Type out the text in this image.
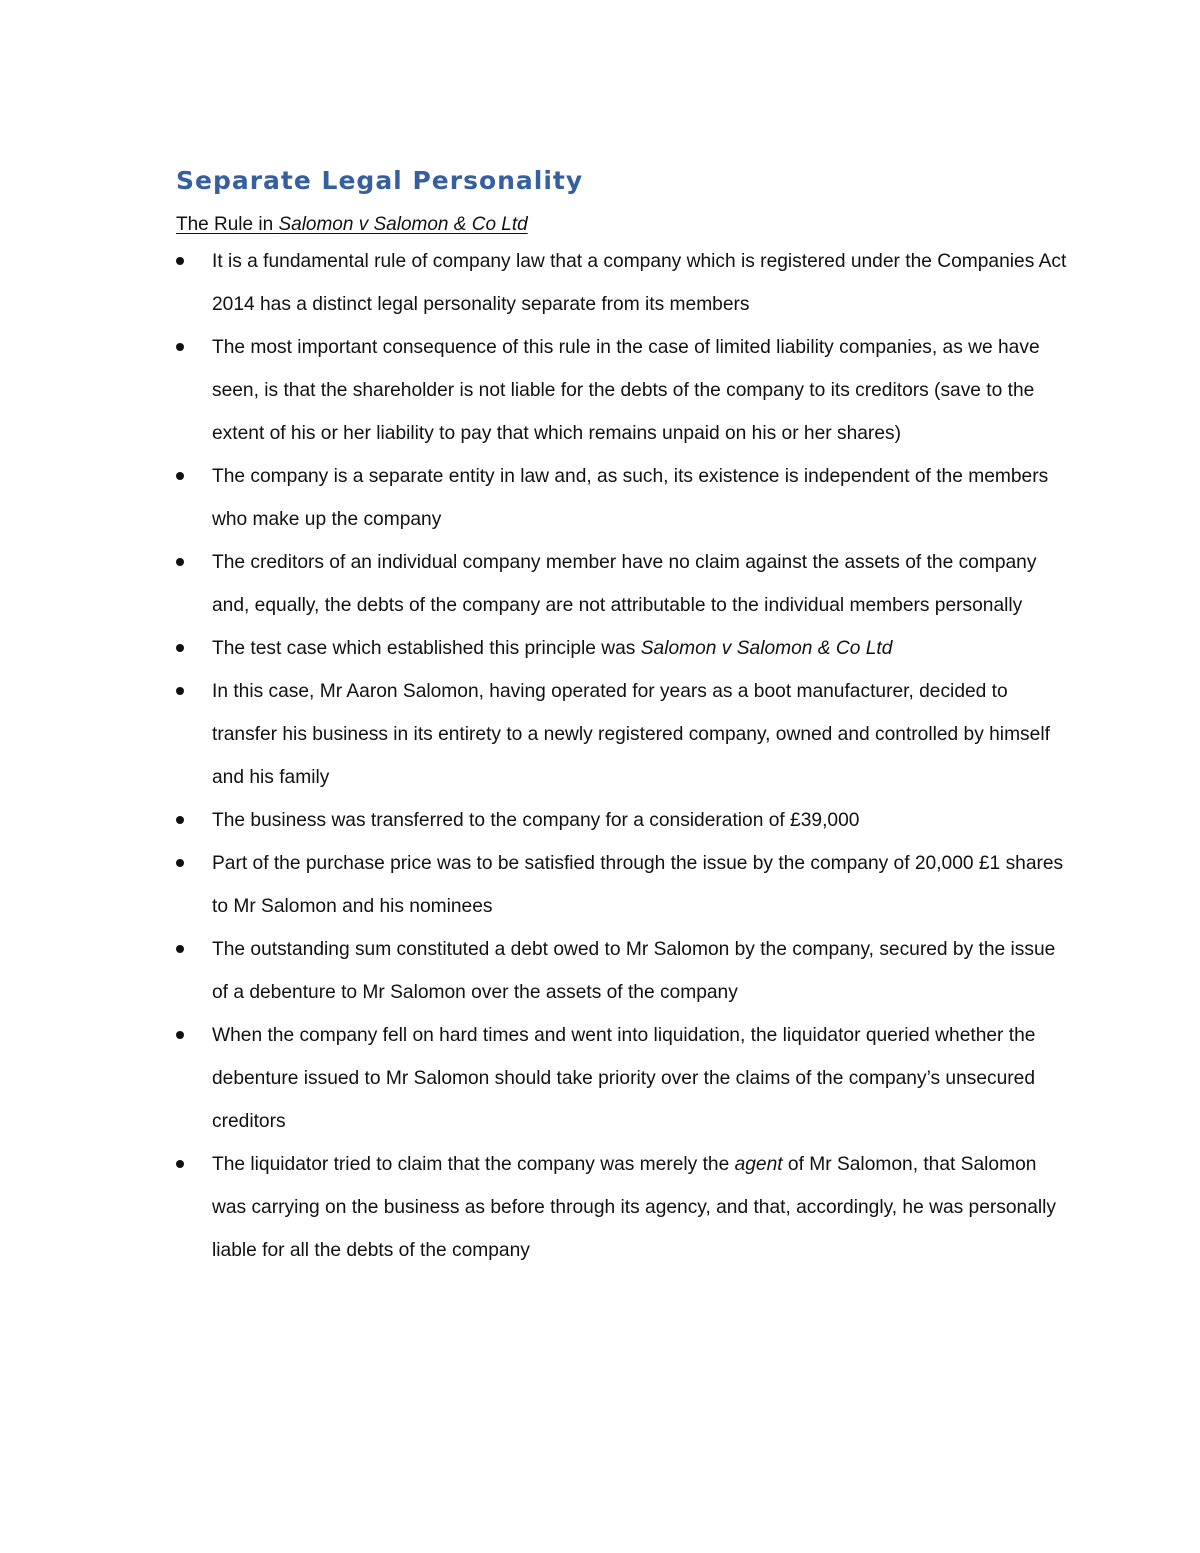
Separate Legal Personality

The Rule in Salomon v Salomon & Co Ltd

It is a fundamental rule of company law that a company which is registered under the Companies Act 2014 has a distinct legal personality separate from its members
The most important consequence of this rule in the case of limited liability companies, as we have seen, is that the shareholder is not liable for the debts of the company to its creditors (save to the extent of his or her liability to pay that which remains unpaid on his or her shares)
The company is a separate entity in law and, as such, its existence is independent of the members who make up the company
The creditors of an individual company member have no claim against the assets of the company and, equally, the debts of the company are not attributable to the individual members personally
The test case which established this principle was Salomon v Salomon & Co Ltd
In this case, Mr Aaron Salomon, having operated for years as a boot manufacturer, decided to transfer his business in its entirety to a newly registered company, owned and controlled by himself and his family
The business was transferred to the company for a consideration of £39,000
Part of the purchase price was to be satisfied through the issue by the company of 20,000 £1 shares to Mr Salomon and his nominees
The outstanding sum constituted a debt owed to Mr Salomon by the company, secured by the issue of a debenture to Mr Salomon over the assets of the company
When the company fell on hard times and went into liquidation, the liquidator queried whether the debenture issued to Mr Salomon should take priority over the claims of the company’s unsecured creditors
The liquidator tried to claim that the company was merely the agent of Mr Salomon, that Salomon was carrying on the business as before through its agency, and that, accordingly, he was personally liable for all the debts of the company
